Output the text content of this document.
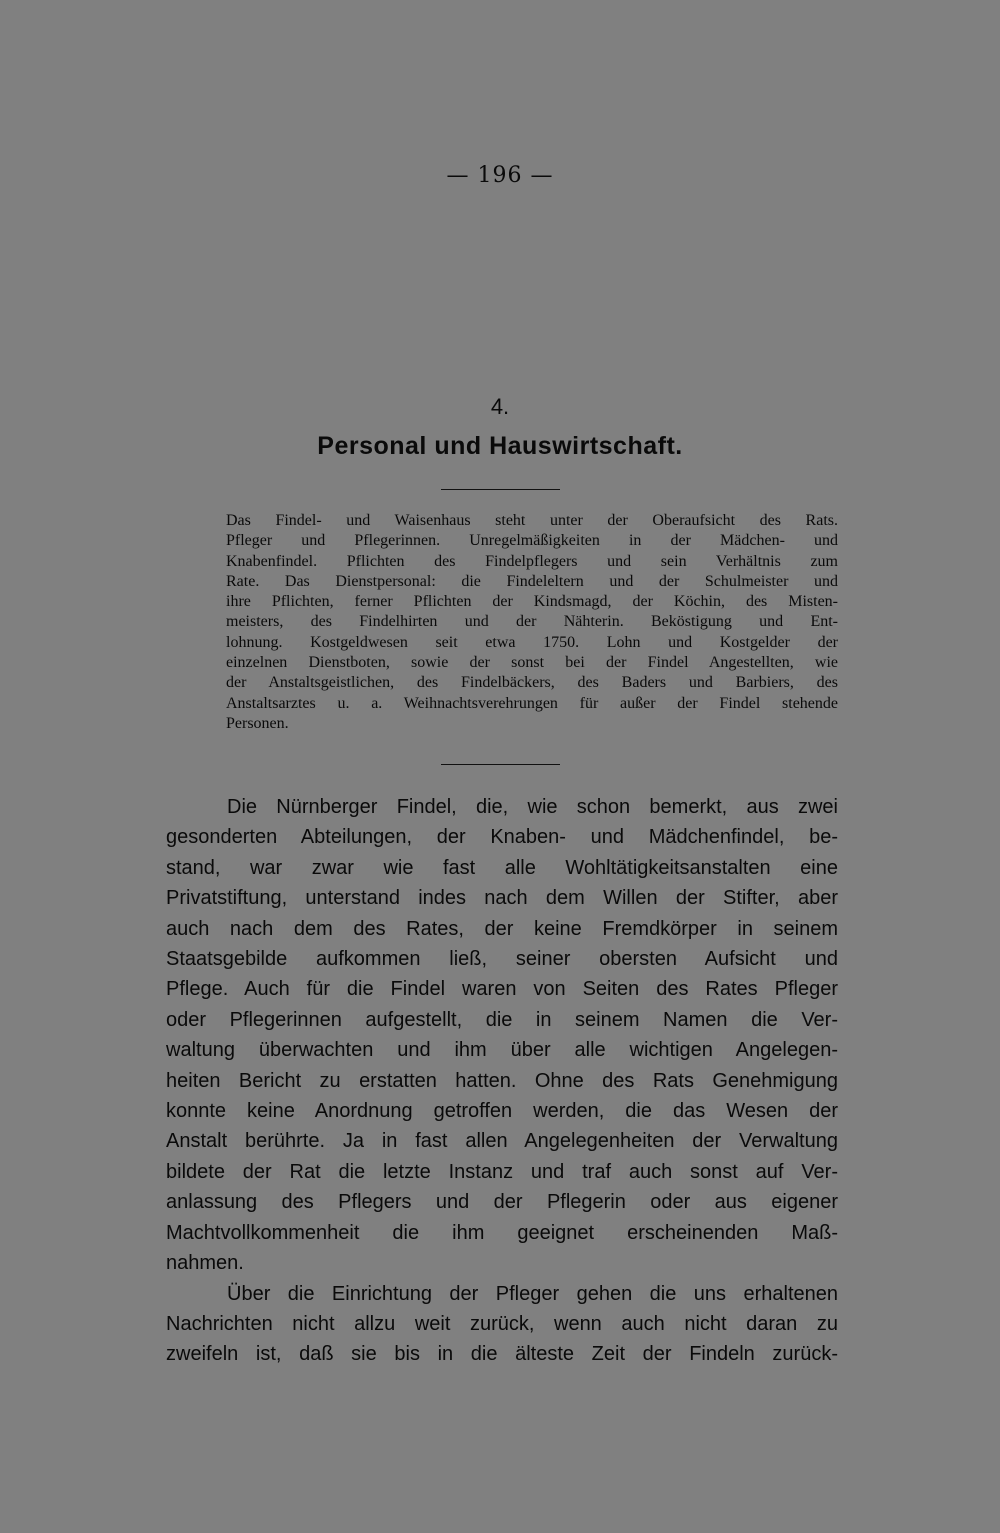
— 196 —
4.
Personal und Hauswirtschaft.
Das Findel- und Waisenhaus steht unter der Oberaufsicht des Rats.
Pfleger und Pflegerinnen. Unregelmäßigkeiten in der Mädchen- und
Knabenfindel. Pflichten des Findelpflegers und sein Verhältnis zum
Rate. Das Dienstpersonal: die Findeleltern und der Schulmeister und
ihre Pflichten, ferner Pflichten der Kindsmagd, der Köchin, des Misten-
meisters, des Findelhirten und der Nähterin. Beköstigung und Ent-
lohnung. Kostgeldwesen seit etwa 1750. Lohn und Kostgelder der
einzelnen Dienstboten, sowie der sonst bei der Findel Angestellten, wie
der Anstaltsgeistlichen, des Findelbäckers, des Baders und Barbiers, des
Anstaltsarztes u. a. Weihnachtsverehrungen für außer der Findel stehende
Personen.
Die Nürnberger Findel, die, wie schon bemerkt, aus zwei
gesonderten Abteilungen, der Knaben- und Mädchenfindel, be-
stand, war zwar wie fast alle Wohltätigkeitsanstalten eine
Privatstiftung, unterstand indes nach dem Willen der Stifter, aber
auch nach dem des Rates, der keine Fremdkörper in seinem
Staatsgebilde aufkommen ließ, seiner obersten Aufsicht und
Pflege. Auch für die Findel waren von Seiten des Rates Pfleger
oder Pflegerinnen aufgestellt, die in seinem Namen die Ver-
waltung überwachten und ihm über alle wichtigen Angelegen-
heiten Bericht zu erstatten hatten. Ohne des Rats Genehmigung
konnte keine Anordnung getroffen werden, die das Wesen der
Anstalt berührte. Ja in fast allen Angelegenheiten der Verwaltung
bildete der Rat die letzte Instanz und traf auch sonst auf Ver-
anlassung des Pflegers und der Pflegerin oder aus eigener
Machtvollkommenheit die ihm geeignet erscheinenden Maß-
nahmen.
Über die Einrichtung der Pfleger gehen die uns erhaltenen
Nachrichten nicht allzu weit zurück, wenn auch nicht daran zu
zweifeln ist, daß sie bis in die älteste Zeit der Findeln zurück-
